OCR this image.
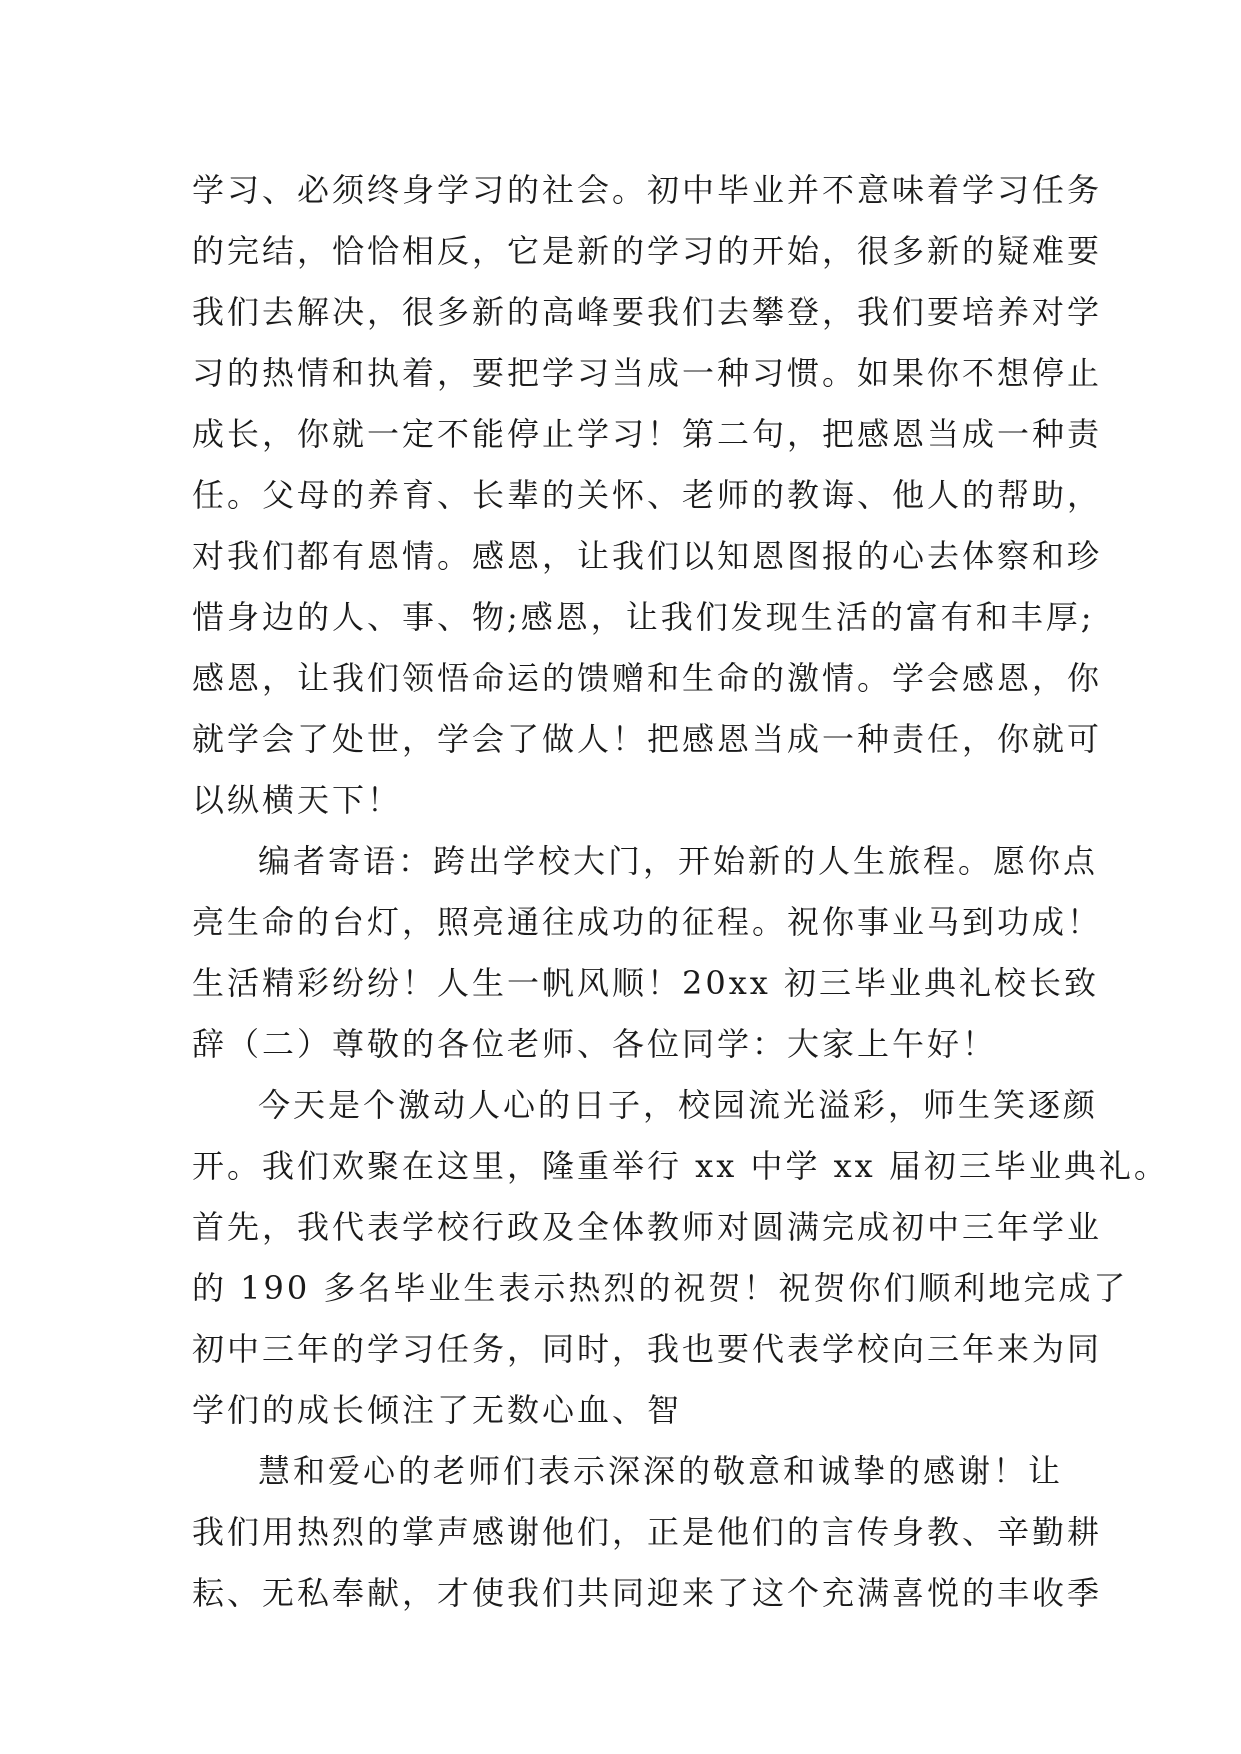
学习、必须终身学习的社会。初中毕业并不意味着学习任务
的完结，恰恰相反，它是新的学习的开始，很多新的疑难要
我们去解决，很多新的高峰要我们去攀登，我们要培养对学
习的热情和执着，要把学习当成一种习惯。如果你不想停止
成长，你就一定不能停止学习！第二句，把感恩当成一种责
任。父母的养育、长辈的关怀、老师的教诲、他人的帮助，
对我们都有恩情。感恩，让我们以知恩图报的心去体察和珍
惜身边的人、事、物;感恩，让我们发现生活的富有和丰厚;
感恩，让我们领悟命运的馈赠和生命的激情。学会感恩，你
就学会了处世，学会了做人！把感恩当成一种责任，你就可
以纵横天下！
编者寄语：跨出学校大门，开始新的人生旅程。愿你点
亮生命的台灯，照亮通往成功的征程。祝你事业马到功成！
生活精彩纷纷！人生一帆风顺！20xx 初三毕业典礼校长致
辞（二）尊敬的各位老师、各位同学：大家上午好！
今天是个激动人心的日子，校园流光溢彩，师生笑逐颜
开。我们欢聚在这里，隆重举行 xx 中学 xx 届初三毕业典礼。
首先，我代表学校行政及全体教师对圆满完成初中三年学业
的 190 多名毕业生表示热烈的祝贺！祝贺你们顺利地完成了
初中三年的学习任务，同时，我也要代表学校向三年来为同
学们的成长倾注了无数心血、智
慧和爱心的老师们表示深深的敬意和诚挚的感谢！让
我们用热烈的掌声感谢他们，正是他们的言传身教、辛勤耕
耘、无私奉献，才使我们共同迎来了这个充满喜悦的丰收季
